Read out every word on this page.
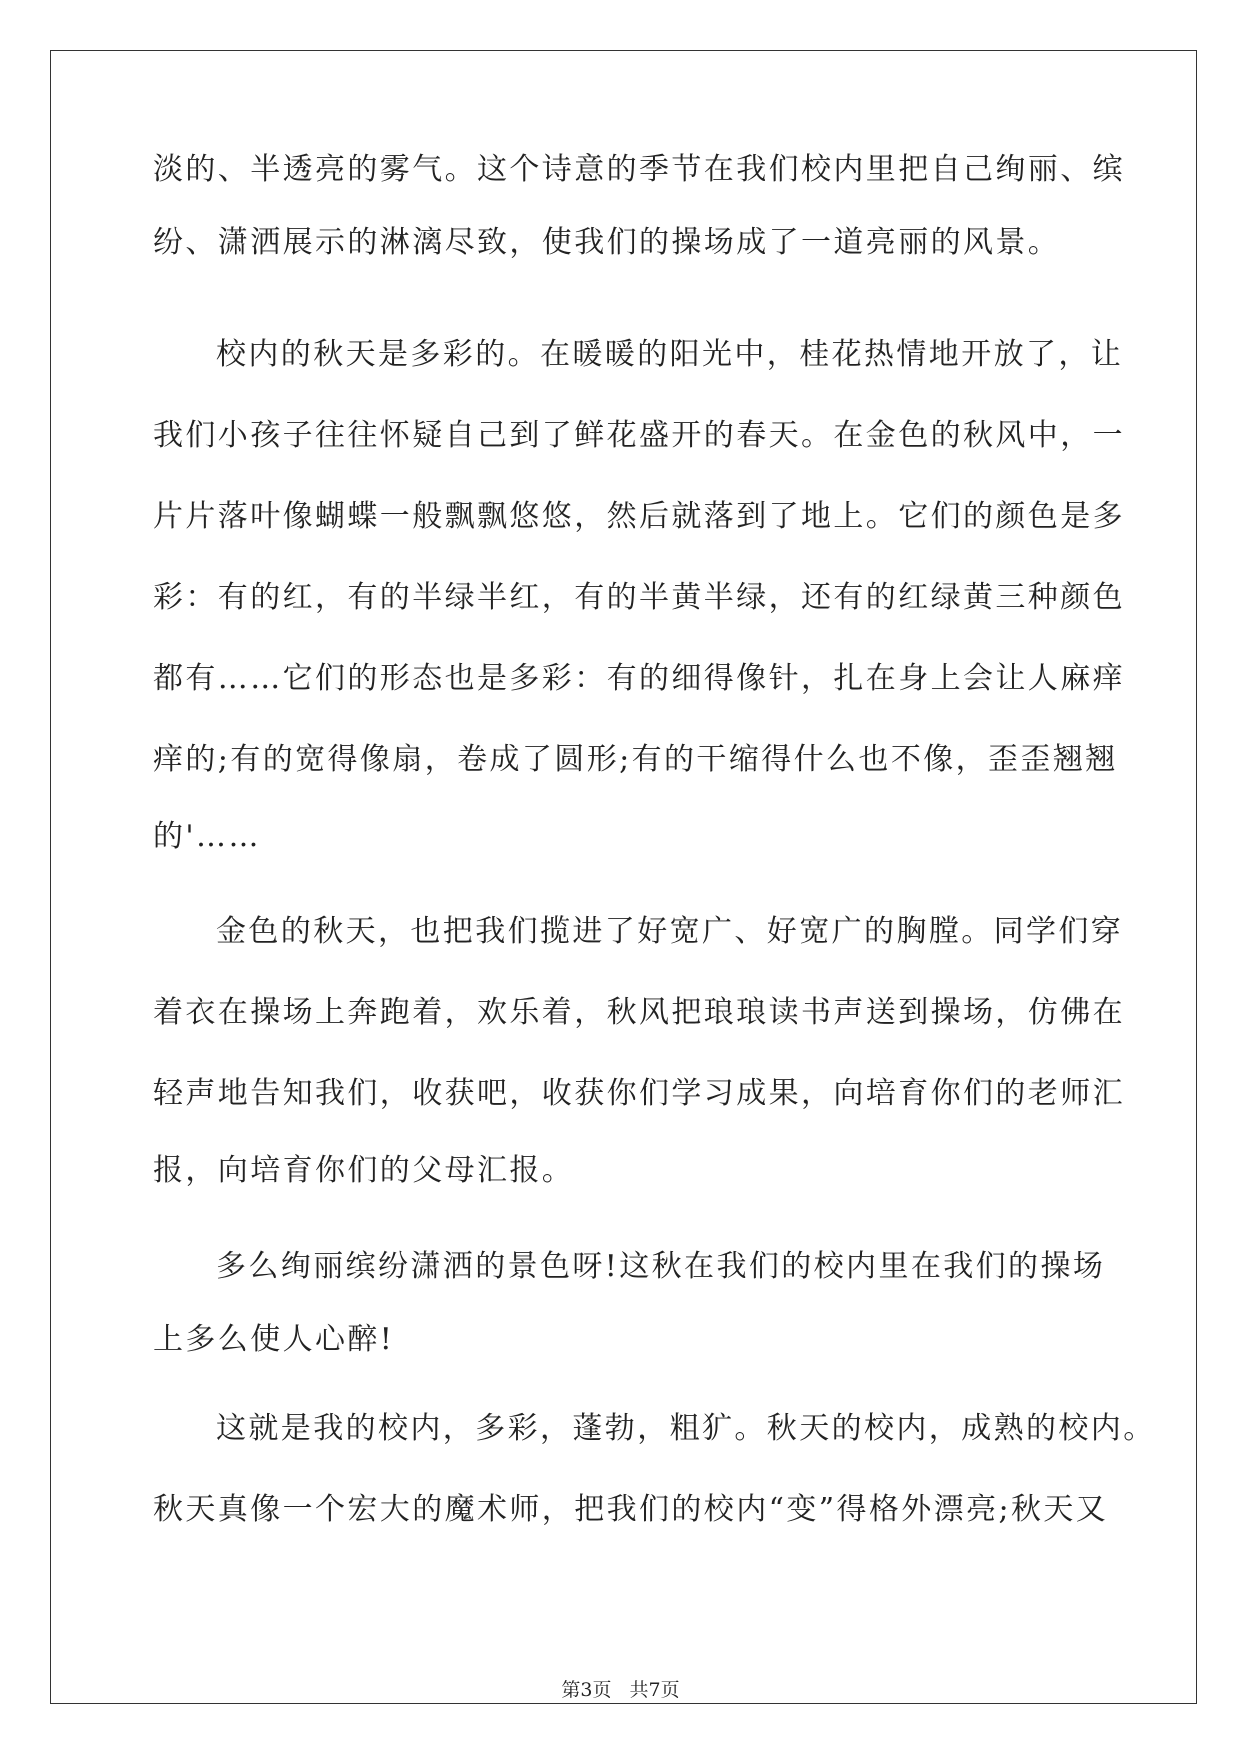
淡的、半透亮的雾气。这个诗意的季节在我们校内里把自己绚丽、缤

纷、潇洒展示的淋漓尽致，使我们的操场成了一道亮丽的风景。

校内的秋天是多彩的。在暖暖的阳光中，桂花热情地开放了，让

我们小孩子往往怀疑自己到了鲜花盛开的春天。在金色的秋风中，一

片片落叶像蝴蝶一般飘飘悠悠，然后就落到了地上。它们的颜色是多

彩：有的红，有的半绿半红，有的半黄半绿，还有的红绿黄三种颜色

都有……它们的形态也是多彩：有的细得像针，扎在身上会让人麻痒

痒的;有的宽得像扇，卷成了圆形;有的干缩得什么也不像，歪歪翘翘

的'……

金色的秋天，也把我们揽进了好宽广、好宽广的胸膛。同学们穿

着衣在操场上奔跑着，欢乐着，秋风把琅琅读书声送到操场，仿佛在

轻声地告知我们，收获吧，收获你们学习成果，向培育你们的老师汇

报，向培育你们的父母汇报。

多么绚丽缤纷潇洒的景色呀!这秋在我们的校内里在我们的操场

上多么使人心醉!

这就是我的校内，多彩，蓬勃，粗犷。秋天的校内，成熟的校内。

秋天真像一个宏大的魔术师，把我们的校内“变”得格外漂亮;秋天又

第3页 共7页
